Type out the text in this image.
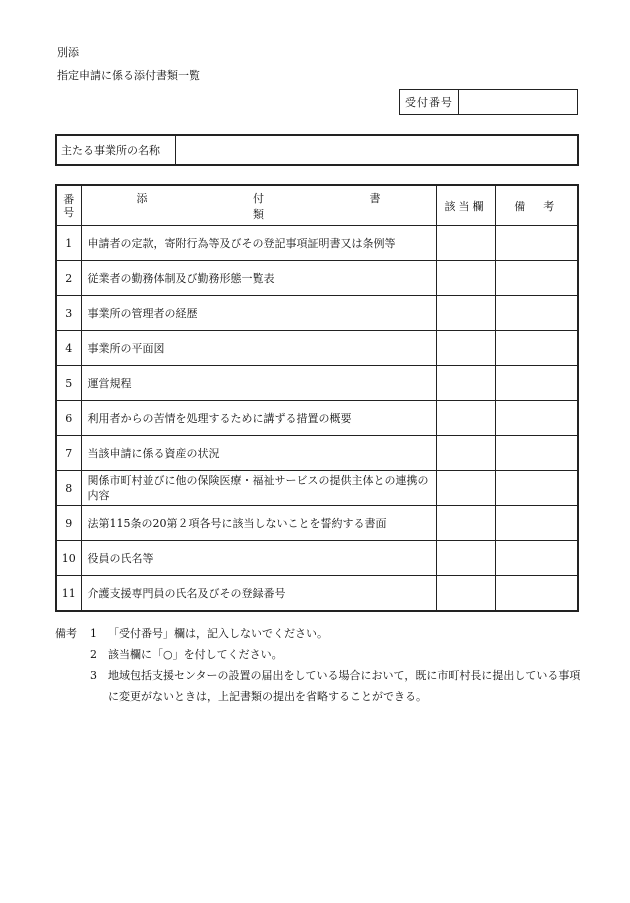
別添
指定申請に係る添付書類一覧
受付番号
主たる事業所の名称
番
号	添 付 書 類	該当欄	備考
1	申請者の定款，寄附行為等及びその登記事項証明書又は条例等		
2	従業者の勤務体制及び勤務形態一覧表		
3	事業所の管理者の経歴		
4	事業所の平面図		
5	運営規程		
6	利用者からの苦情を処理するために講ずる措置の概要		
7	当該申請に係る資産の状況		
8	関係市町村並びに他の保険医療・福祉サービスの提供主体との連携の内容		
9	法第115条の20第２項各号に該当しないことを誓約する書面		
10	役員の氏名等		
11	介護支援専門員の氏名及びその登録番号		
備考	1	「受付番号」欄は，記入しないでください。
2	該当欄に「○」を付してください。
3	地域包括支援センターの設置の届出をしている場合において，既に市町村長に提出している事項に変更がないときは，上記書類の提出を省略することができる。
